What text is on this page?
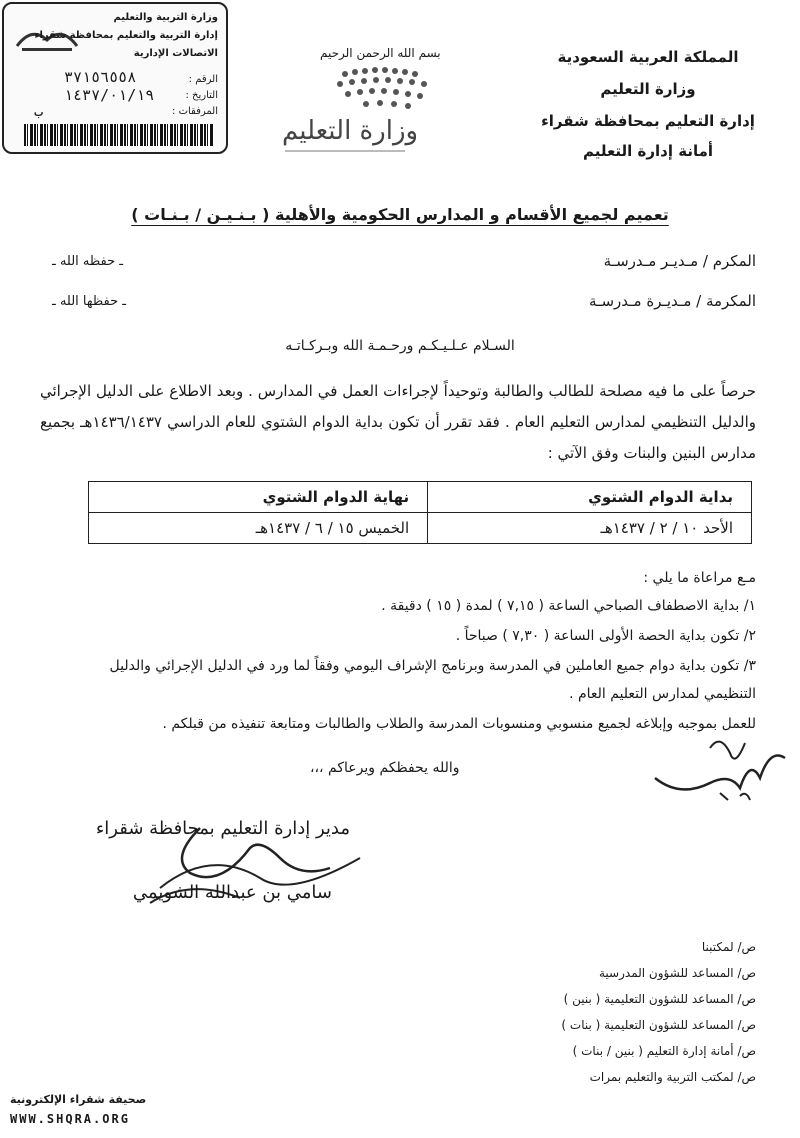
وزارة التربية والتعليم
إدارة التربية والتعليم بمحافظة شقراء
الاتصالات الإدارية
الرقم :
٣٧١٥٦٥٥٨
التاريخ :
١٤٣٧/٠١/١٩
المرفقات :
ب
بسم الله الرحمن الرحيم
وزارة التعليم
المملكة العربية السعودية
وزارة التعليم
إدارة التعليم بمحافظة شقراء
أمانة إدارة التعليم
تعميم لجميع الأقسام و المدارس الحكومية والأهلية ( بـنـيـن / بـنـات )
المكرم / مـديـر مـدرسـة
ـ حفظه الله ـ
المكرمة / مـديـرة مـدرسـة
ـ حفظها الله ـ
السـلام عـلـيـكـم ورحـمـة الله وبـركـاتـه
حرصاً على ما فيه مصلحة للطالب والطالبة وتوحيداً لإجراءات العمل في المدارس . وبعد الاطلاع على الدليل الإجرائي والدليل التنظيمي لمدارس التعليم العام . فقد تقرر أن تكون بداية الدوام الشتوي للعام الدراسي ١٤٣٦/١٤٣٧هـ بجميع مدارس البنين والبنات وفق الآتي :
بداية الدوام الشتوي	نهاية الدوام الشتوي
الأحد ١٠ / ٢ / ١٤٣٧هـ	الخميس ١٥ / ٦ / ١٤٣٧هـ
مـع مراعاة ما يلي :
١/ بداية الاصطفاف الصباحي الساعة ( ٧,١٥ ) لمدة ( ١٥ ) دقيقة .
٢/ تكون بداية الحصة الأولى الساعة ( ٧,٣٠ ) صباحاً .
٣/ تكون بداية دوام جميع العاملين في المدرسة وبرنامج الإشراف اليومي وفقاً لما ورد في الدليل الإجرائي والدليل
التنظيمي لمدارس التعليم العام .
للعمل بموجبه وإبلاغه لجميع منسوبي ومنسوبات المدرسة والطلاب والطالبات ومتابعة تنفيذه من قبلكم .
والله يحفظكم ويرعاكم ،،،
مدير إدارة التعليم بمحافظة شقراء
سامي بن عبدالله الشويمي
ص/ لمكتبنا
ص/ المساعد للشؤون المدرسية
ص/ المساعد للشؤون التعليمية ( بنين )
ص/ المساعد للشؤون التعليمية ( بنات )
ص/ أمانة إدارة التعليم ( بنين / بنات )
ص/ لمكتب التربية والتعليم بمرات
صحيفة شقراء الإلكترونية
WWW.SHQRA.ORG
